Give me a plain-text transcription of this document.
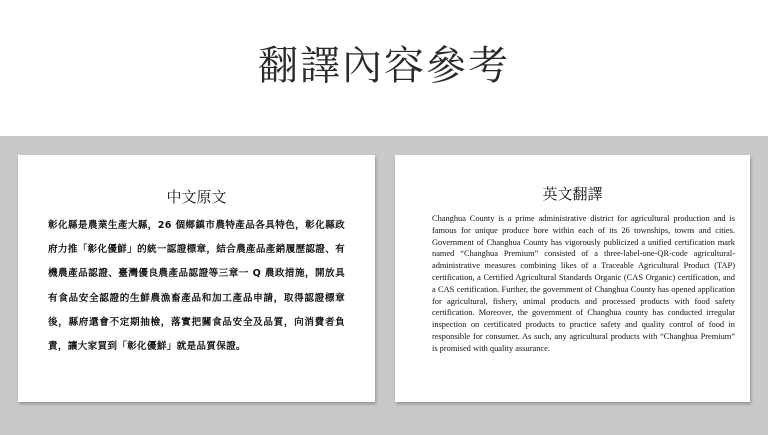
翻譯內容參考
中文原文
彰化縣是農業生產大縣，26 個鄉鎮市農特產品各具特色，彰化縣政府力推「彰化優鮮」的統一認證標章，結合農產品產銷履歷認證、有機農產品認證、臺灣優良農產品認證等三章一 Q 農政措施，開放具有食品安全認證的生鮮農漁畜產品和加工產品申請，取得認證標章後，縣府還會不定期抽檢，落實把關食品安全及品質，向消費者負責，讓大家買到「彰化優鮮」就是品質保證。
英文翻譯
Changhua County is a prime administrative district for agricultural production and is famous for unique produce bore within each of its 26 townships, towns and cities. Government of Changhua County has vigorously publicized a unified certification mark named “Changhua Premium” consisted of a three-label-one-QR-code agricultural-administrative measures combining likes of a Traceable Agricultural Product (TAP) certification, a Certified Agricultural Standards Organic (CAS Organic) certification, and a CAS certification. Further, the government of Changhua County has opened application for agricultural, fishery, animal products and processed products with food safety certification. Moreover, the government of Changhua county has conducted irregular inspection on certificated products to practice safety and quality control of food in responsible for consumer. As such, any agricultural products with “Changhua Premium” is promised with quality assurance.
